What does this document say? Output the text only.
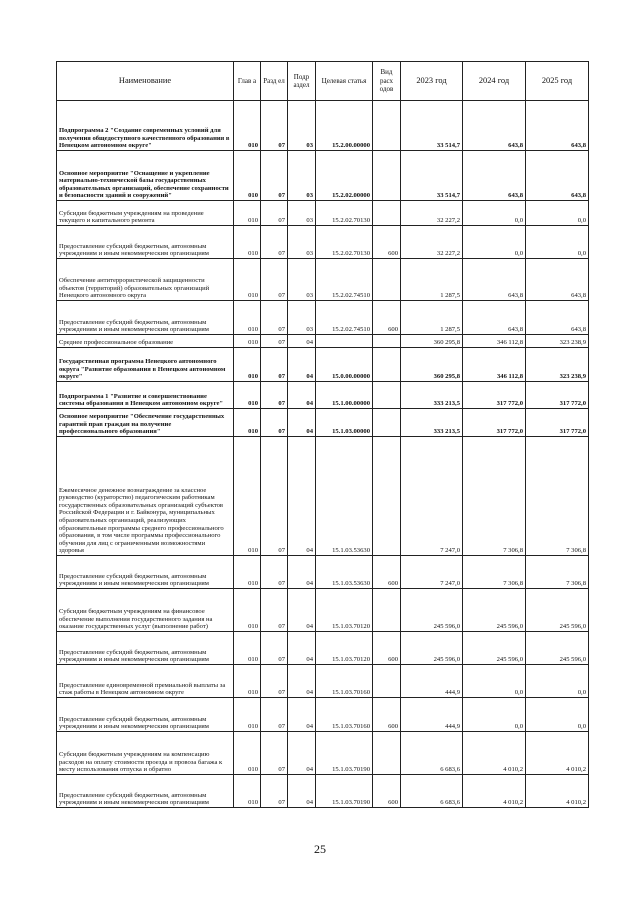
Наименование	Глав а	Разд ел	Подр аздел	Целевая статья	Вид расх одов	2023 год	2024 год	2025 год
Подпрограмма 2 "Создание современных условий для получения общедоступного качественного образования в Ненецком автономном округе"	010	07	03	15.2.00.00000		33 514,7	643,8	643,8
Основное мероприятие "Оснащение и укрепление материально-технической базы государственных образовательных организаций, обеспечение сохранности и безопасности зданий и сооружений"	010	07	03	15.2.02.00000		33 514,7	643,8	643,8
Субсидии бюджетным учреждениям на проведение текущего и капитального ремонта	010	07	03	15.2.02.70130		32 227,2	0,0	0,0
Предоставление субсидий бюджетным, автономным учреждениям и иным некоммерческим организациям	010	07	03	15.2.02.70130	600	32 227,2	0,0	0,0
Обеспечение антитеррористической защищенности объектов (территорий) образовательных организаций Ненецкого автономного округа	010	07	03	15.2.02.74510		1 287,5	643,8	643,8
Предоставление субсидий бюджетным, автономным учреждениям и иным некоммерческим организациям	010	07	03	15.2.02.74510	600	1 287,5	643,8	643,8
Среднее профессиональное образование	010	07	04			360 295,8	346 112,8	323 238,9
Государственная программа Ненецкого автономного округа "Развитие образования в Ненецком автономном округе"	010	07	04	15.0.00.00000		360 295,8	346 112,8	323 238,9
Подпрограмма 1 "Развитие и совершенствование системы образования в Ненецком автономном округе"	010	07	04	15.1.00.00000		333 213,5	317 772,0	317 772,0
Основное мероприятие "Обеспечение государственных гарантий прав граждан на получение профессионального образования"	010	07	04	15.1.03.00000		333 213,5	317 772,0	317 772,0
Ежемесячное денежное вознаграждение за классное руководство (кураторство) педагогическим работникам государственных образовательных организаций субъектов Российской Федерации и г. Байконура, муниципальных образовательных организаций, реализующих образовательные программы среднего профессионального образования, в том числе программы профессионального обучения для лиц с ограниченными возможностями здоровья	010	07	04	15.1.03.53630		7 247,0	7 306,8	7 306,8
Предоставление субсидий бюджетным, автономным учреждениям и иным некоммерческим организациям	010	07	04	15.1.03.53630	600	7 247,0	7 306,8	7 306,8
Субсидии бюджетным учреждениям на финансовое обеспечение выполнения государственного задания на оказание государственных услуг (выполнение работ)	010	07	04	15.1.03.70120		245 596,0	245 596,0	245 596,0
Предоставление субсидий бюджетным, автономным учреждениям и иным некоммерческим организациям	010	07	04	15.1.03.70120	600	245 596,0	245 596,0	245 596,0
Предоставление единовременной премиальной выплаты за стаж работы в Ненецком автономном округе	010	07	04	15.1.03.70160		444,9	0,0	0,0
Предоставление субсидий бюджетным, автономным учреждениям и иным некоммерческим организациям	010	07	04	15.1.03.70160	600	444,9	0,0	0,0
Субсидии бюджетным учреждениям на компенсацию расходов на оплату стоимости проезда и провоза багажа к месту использования отпуска и обратно	010	07	04	15.1.03.70190		6 683,6	4 010,2	4 010,2
Предоставление субсидий бюджетным, автономным учреждениям и иным некоммерческим организациям	010	07	04	15.1.03.70190	600	6 683,6	4 010,2	4 010,2
25
